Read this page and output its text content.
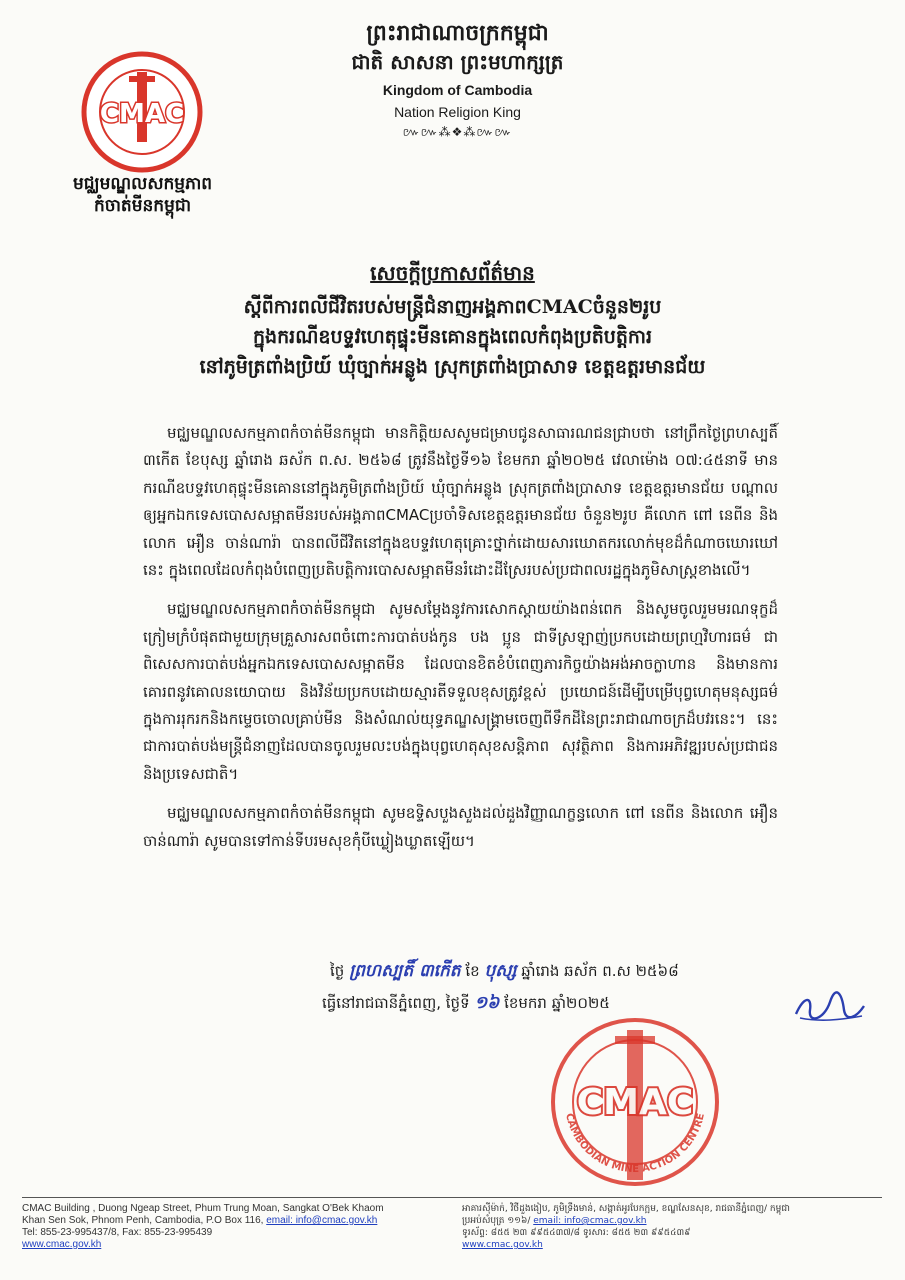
CMAC
មជ្ឈមណ្ឌលសកម្មភាព
កំចាត់មីនកម្ពុជា
ព្រះរាជាណាចក្រកម្ពុជា
ជាតិ សាសនា ព្រះមហាក្សត្រ
Kingdom of Cambodia
Nation Religion King
៚៚⁂❖⁂៚៚
សេចក្តីប្រកាសព័ត៌មាន
ស្តីពីការពលីជីវិតរបស់មន្ត្រីជំនាញអង្គភាពCMACចំនួន២រូប
ក្នុងករណីឧបទ្ទវហេតុផ្ទុះមីនគោនក្នុងពេលកំពុងប្រតិបត្តិការ
នៅភូមិត្រពាំងប្រិយ៍ ឃុំច្បាក់អន្លូង ស្រុកត្រពាំងប្រាសាទ ខេត្តឧត្តរមានជ័យ

មជ្ឈមណ្ឌលសកម្មភាពកំចាត់មីនកម្ពុជា មានកិត្តិយសសូមជម្រាបជូនសាធារណជនជ្រាបថា នៅព្រឹកថ្ងៃព្រហស្បតិ៍ ៣កើត ខែបុស្ស ឆ្នាំរោង ឆស័ក ព.ស. ២៥៦៨ ត្រូវនឹងថ្ងៃទី១៦ ខែមករា ឆ្នាំ២០២៥ វេលាម៉ោង ០៧:៤៥នាទី មានករណីឧបទ្ទវហេតុផ្ទុះមីនគោននៅក្នុងភូមិត្រពាំងប្រិយ៍ ឃុំច្បាក់អន្លូង ស្រុកត្រពាំងប្រាសាទ ខេត្តឧត្តរមានជ័យ បណ្តាលឲ្យអ្នកឯកទេសបោសសម្អាតមីនរបស់អង្គភាពCMACប្រចាំទិសខេត្តឧត្តរមានជ័យ ចំនួន២រូប គឺលោក ពៅ នេពីន និងលោក អឿន ចាន់ណារ៉ា បានពលីជីវិតនៅក្នុងឧបទ្ទវហេតុគ្រោះថ្នាក់ដោយសារឃោតករលោក់មុខដ៏កំណាចឃោរឃៅនេះ ក្នុងពេលដែលកំពុងបំពេញប្រតិបត្តិការបោសសម្អាតមីនរំដោះដីស្រែរបស់ប្រជាពលរដ្ឋក្នុងភូមិសាស្ត្រខាងលើ។

មជ្ឈមណ្ឌលសកម្មភាពកំចាត់មីនកម្ពុជា សូមសម្តែងនូវការសោកស្តាយយ៉ាងពន់ពេក និងសូមចូលរួមមរណទុក្ខដ៏ក្រៀមក្រំបំផុតជាមួយក្រុមគ្រួសារសពចំពោះការបាត់បង់កូន បង ប្អូន ជាទីស្រឡាញ់ប្រកបដោយព្រហ្មវិហារធម៌ ជាពិសេសការបាត់បង់អ្នកឯកទេសបោសសម្អាតមីន ដែលបានខិតខំបំពេញភារកិច្ចយ៉ាងអង់អាចក្លាហាន និងមានការគោរពនូវគោលនយោបាយ និងវិន័យប្រកបដោយស្មារតីទទួលខុសត្រូវខ្ពស់ ប្រយោជន៍ដើម្បីបម្រើបុព្វហេតុមនុស្សធម៌ក្នុងការរុករកនិងកម្ទេចចោលគ្រាប់មីន និងសំណល់យុទ្ធភណ្ឌសង្គ្រាមចេញពីទឹកដីនៃព្រះរាជាណាចក្រដ៏បវរនេះ។ នេះជាការបាត់បង់មន្ត្រីជំនាញដែលបានចូលរួមលះបង់ក្នុងបុព្វហេតុសុខសន្តិភាព សុវត្ថិភាព និងការអភិវឌ្ឍរបស់ប្រជាជននិងប្រទេសជាតិ។

មជ្ឈមណ្ឌលសកម្មភាពកំចាត់មីនកម្ពុជា សូមឧទ្ទិសបួងសួងដល់ដួងវិញ្ញាណក្ខន្ធលោក ពៅ នេពីន និងលោក អឿន ចាន់ណារ៉ា សូមបានទៅកាន់ទីបរមសុខកុំបីឃ្លៀងឃ្លាតឡើយ។

ថ្ងៃ ព្រហស្បតិ៍ ៣កើត ខែ បុស្ស ឆ្នាំរោង ឆស័ក ព.ស ២៥៦៨
ធ្វើនៅរាជធានីភ្នំពេញ, ថ្ងៃទី ១៦ ខែមករា ឆ្នាំ២០២៥
CMAC
CAMBODIAN MINE ACTION CENTRE
CMAC Building , Duong Ngeap Street, Phum Trung Moan, Sangkat O'Bek Khaom
Khan Sen Sok, Phnom Penh, Cambodia, P.O Box 116, email: info@cmac.gov.kh
Tel: 855-23-995437/8, Fax: 855-23-995439
www.cmac.gov.kh
អាគារស៊ីម៉ាក់, វិថីដួងងៀប, ភូមិទ្រឹងមាន់, សង្កាត់អូរបែកក្អម, ខណ្ឌសែនសុខ, រាជធានីភ្នំពេញ/ កម្ពុជា
ប្រអប់សំបុត្រ ១១៦/ email: info@cmac.gov.kh
ទូរស័ព្ទ: ៨៥៥ ២៣ ៩៩៥៤៣៧/៨ ទូរសារ: ៨៥៥ ២៣ ៩៩៥៤៣៩
www.cmac.gov.kh
